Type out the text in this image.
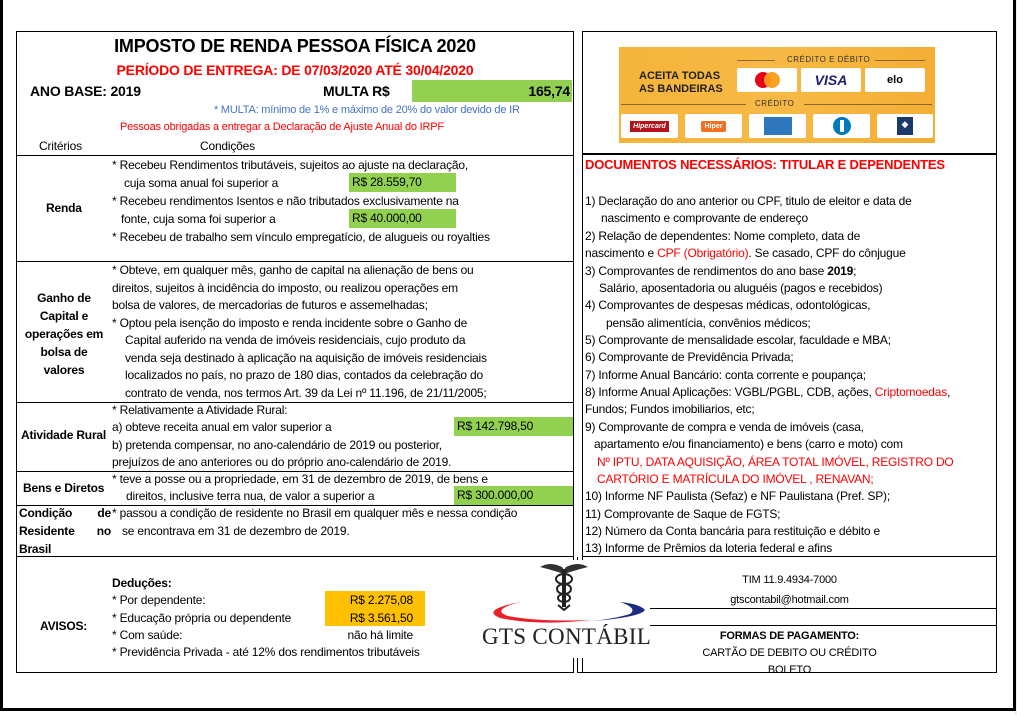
IMPOSTO DE RENDA PESSOA FÍSICA 2020
PERÍODO DE ENTREGA: DE 07/03/2020 ATÉ 30/04/2020
ANO BASE: 2019	MULTA R$	165,74
* MULTA: mínimo de 1% e máximo de 20% do valor devido de IR
Pessoas obrigadas a entregar a Declaração de Ajuste Anual do IRPF
Critérios	Condições
Renda
* Recebeu Rendimentos tributáveis, sujeitos ao ajuste na declaração,
cuja soma anual foi superior a	R$ 28.559,70
* Recebeu rendimentos Isentos e não tributados exclusivamente na
fonte, cuja soma foi superior a	R$ 40.000,00
* Recebeu de trabalho sem vínculo empregatício, de alugueis ou royalties
Ganho de
Capital e
operações em
bolsa de
valores
* Obteve, em qualquer mês, ganho de capital na alienação de bens ou
direitos, sujeitos à incidência do imposto, ou realizou operações em
bolsa de valores, de mercadorias de futuros e assemelhadas;
* Optou pela isenção do imposto e renda incidente sobre o Ganho de
Capital auferido na venda de imóveis residenciais, cujo produto da
venda seja destinado à aplicação na aquisição de imóveis residenciais
localizados no país, no prazo de 180 dias, contados da celebração do
contrato de venda, nos termos Art. 39 da Lei nº 11.196, de 21/11/2005;
Atividade Rural
* Relativamente a Atividade Rural:
a) obteve receita anual em valor superior a	R$ 142.798,50
b) pretenda compensar, no ano-calendário de 2019 ou posterior,
prejuízos de ano anteriores ou do próprio ano-calendário de 2019.
Bens e Diretos
* teve a posse ou a propriedade, em 31 de dezembro de 2019, de bens e
direitos, inclusive terra nua, de valor a superior a	R$ 300.000,00
Condição de
Residente no
Brasil
* passou a condição de residente no Brasil em qualquer mês e nessa condição
se encontrava em 31 de dezembro de 2019.
AVISOS:
Deduções:
* Por dependente:	R$ 2.275,08
* Educação própria ou dependente	R$ 3.561,50
* Com saúde:	não há limite
* Previdência Privada - até 12% dos rendimentos tributáveis
ACEITA TODAS
AS BANDEIRAS
CRÉDITO E DÉBITO
VISA	elo
CRÉDITO
Hipercard	Hiper	◆
DOCUMENTOS NECESSÁRIOS: TITULAR E DEPENDENTES
1) Declaração do ano anterior ou CPF, titulo de eleitor e data de
nascimento e comprovante de endereço
2) Relação de dependentes: Nome completo, data de
nascimento e CPF (Obrigatório). Se casado, CPF do cônjugue
3) Comprovantes de rendimentos do ano base 2019;
Salário, aposentadoria ou aluguéis (pagos e recebidos)
4) Comprovantes de despesas médicas, odontológicas,
pensão alimentícia, convênios médicos;
5) Comprovante de mensalidade escolar, faculdade e MBA;
6) Comprovante de Previdência Privada;
7) Informe Anual Bancário: conta corrente e poupança;
8) Informe Anual Aplicações: VGBL/PGBL, CDB, ações, Criptomoedas,
Fundos; Fundos imobiliarios, etc;
9) Comprovante de compra e venda de imóveis (casa,
apartamento e/ou financiamento) e bens (carro e moto) com
Nº IPTU, DATA AQUISIÇÃO, ÁREA TOTAL IMÓVEL, REGISTRO DO
CARTÓRIO E MATRÍCULA DO IMÓVEL , RENAVAN;
10) Informe NF Paulista (Sefaz) e NF Paulistana (Pref. SP);
11) Comprovante de Saque de FGTS;
12) Número da Conta bancária para restituição e débito e
13) Informe de Prêmios da loteria federal e afins
TIM 11.9.4934-7000
gtscontabil@hotmail.com
FORMAS DE PAGAMENTO:
CARTÃO DE DEBITO OU CRÉDITO
BOLETO
GTS CONTÁBIL
